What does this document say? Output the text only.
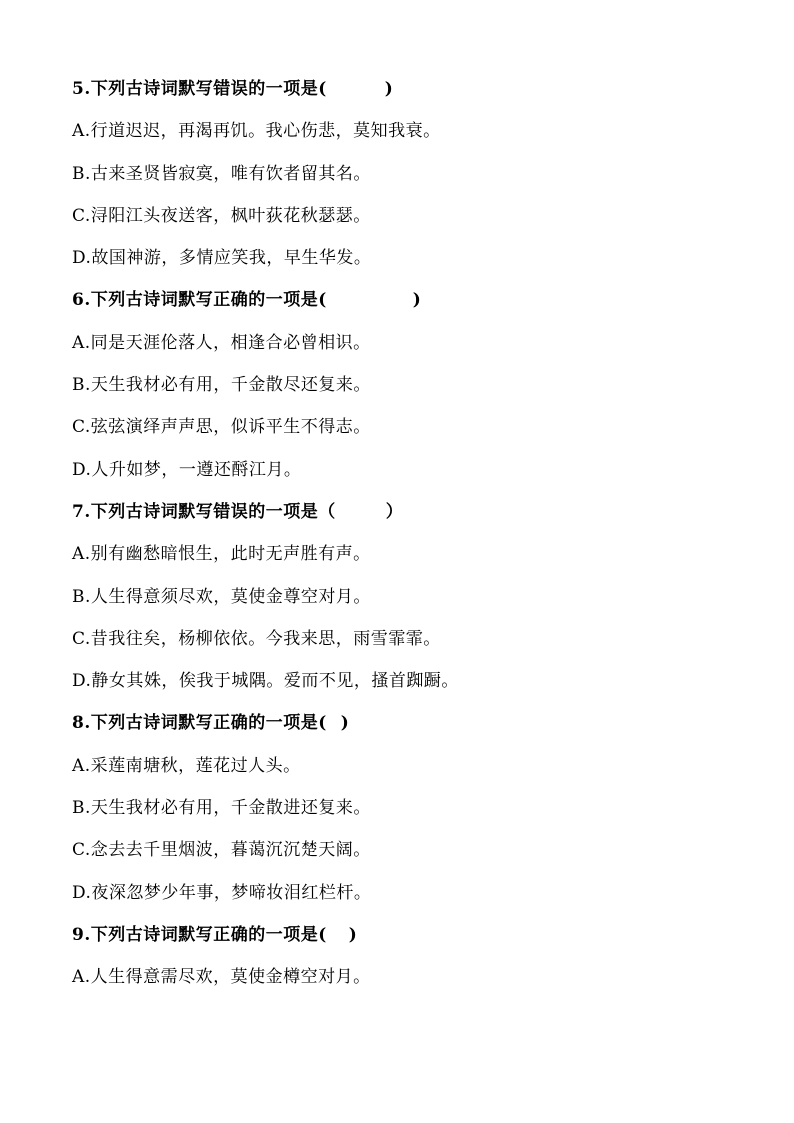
5.下列古诗词默写错误的一项是(	)
A.行道迟迟，再渴再饥。我心伤悲，莫知我衰。
B.古来圣贤皆寂寞，唯有饮者留其名。
C.浔阳江头夜送客，枫叶荻花秋瑟瑟。
D.故国神游，多情应笑我，早生华发。
6.下列古诗词默写正确的一项是(	)
A.同是天涯伦落人，相逢合必曾相识。
B.天生我材必有用，千金散尽还复来。
C.弦弦演绎声声思，似诉平生不得志。
D.人升如梦，一遵还酹江月。
7.下列古诗词默写错误的一项是（	）
A.别有幽愁暗恨生，此时无声胜有声。
B.人生得意须尽欢，莫使金尊空对月。
C.昔我往矣，杨柳依依。今我来思，雨雪霏霏。
D.静女其姝，俟我于城隅。爱而不见，搔首踟蹰。
8.下列古诗词默写正确的一项是( )
A.采莲南塘秋，莲花过人头。
B.天生我材必有用，千金散进还复来。
C.念去去千里烟波，暮蔼沉沉楚天阔。
D.夜深忽梦少年事，梦啼妆泪红栏杆。
9.下列古诗词默写正确的一项是( )
A.人生得意需尽欢，莫使金樽空对月。
